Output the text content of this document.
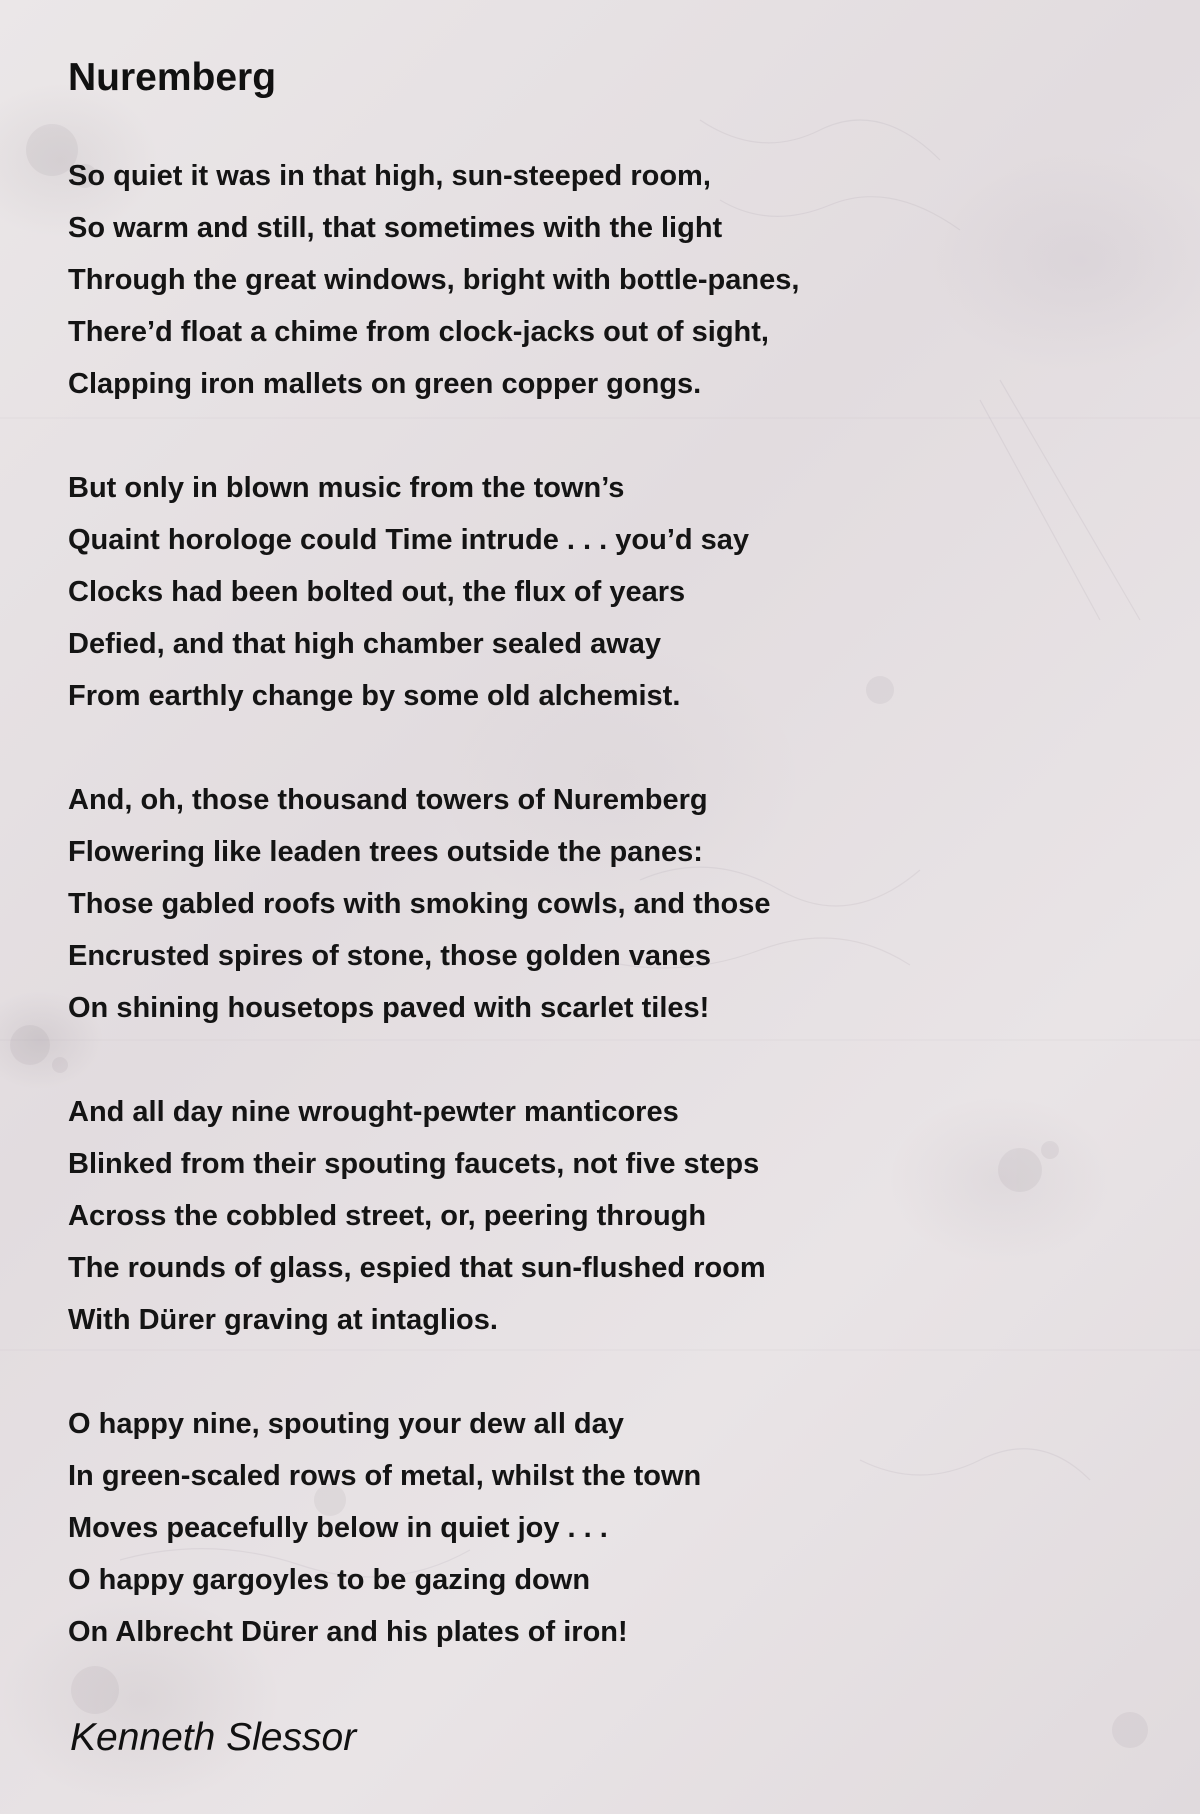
Nuremberg

So quiet it was in that high, sun-steeped room,
So warm and still, that sometimes with the light
Through the great windows, bright with bottle-panes,
There’d float a chime from clock-jacks out of sight,
Clapping iron mallets on green copper gongs.

But only in blown music from the town’s
Quaint horologe could Time intrude . . . you’d say
Clocks had been bolted out, the flux of years
Defied, and that high chamber sealed away
From earthly change by some old alchemist.

And, oh, those thousand towers of Nuremberg
Flowering like leaden trees outside the panes:
Those gabled roofs with smoking cowls, and those
Encrusted spires of stone, those golden vanes
On shining housetops paved with scarlet tiles!

And all day nine wrought-pewter manticores
Blinked from their spouting faucets, not five steps
Across the cobbled street, or, peering through
The rounds of glass, espied that sun-flushed room
With Dürer graving at intaglios.

O happy nine, spouting your dew all day
In green-scaled rows of metal, whilst the town
Moves peacefully below in quiet joy . . .
O happy gargoyles to be gazing down
On Albrecht Dürer and his plates of iron!

Kenneth Slessor
